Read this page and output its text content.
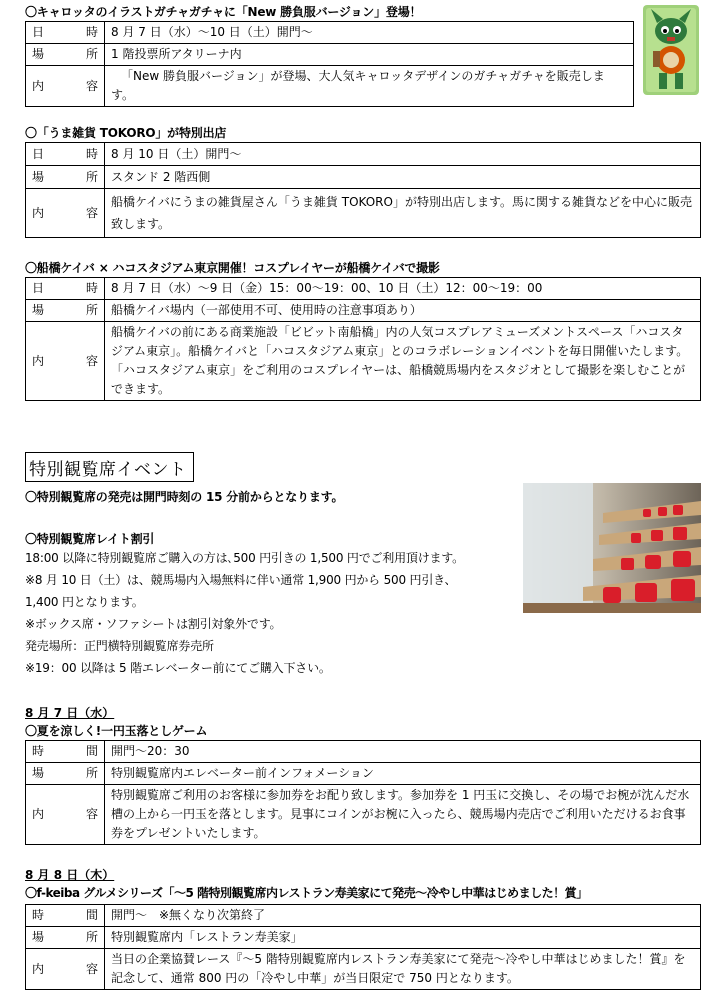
〇キャロッタのイラストガチャガチャに「New 勝負服バージョン」登場！
日 時	8 月 7 日（水）〜10 日（土）開門〜

場 所	1 階投票所アタリーナ内

内 容	「New 勝負服バージョン」が登場、大人気キャロッタデザインのガチャガチャを販売します。
〇「うま雑貨 TOKORO」が特別出店
日 時	8 月 10 日（土）開門〜

場 所	スタンド 2 階西側

内 容	船橋ケイバにうまの雑貨屋さん「うま雑貨 TOKORO」が特別出店します。馬に関する雑貨などを中心に販売致します。
〇船橋ケイバ × ハコスタジアム東京開催！コスプレイヤーが船橋ケイバで撮影
日 時	8 月 7 日（水）〜9 日（金）15：00〜19：00、10 日（土）12：00〜19：00

場 所	船橋ケイバ場内（一部使用不可、使用時の注意事項あり）

内 容	船橋ケイバの前にある商業施設「ビビット南船橋」内の人気コスプレアミューズメントスペース「ハコスタジアム東京」。船橋ケイバと「ハコスタジアム東京」とのコラボレーションイベントを毎日開催いたします。「ハコスタジアム東京」をご利用のコスプレイヤーは、船橋競馬場内をスタジオとして撮影を楽しむことができます。
特別観覧席イベント
〇特別観覧席の発売は開門時刻の 15 分前からとなります。
〇特別観覧席レイト割引
18:00 以降に特別観覧席ご購入の方は､500 円引きの 1,500 円でご利用頂けます。
※8 月 10 日（土）は、競馬場内入場無料に伴い通常 1,900 円から 500 円引き、
1,400 円となります。
※ボックス席・ソファシートは割引対象外です。
発売場所：正門横特別観覧席券売所
※19：00 以降は 5 階エレベーター前にてご購入下さい。
8 月 7 日（水）
〇夏を涼しく!一円玉落としゲーム
時 間	開門〜20：30

場 所	特別観覧席内エレベーター前インフォメーション

内 容	特別観覧席ご利用のお客様に参加券をお配り致します。参加券を 1 円玉に交換し、その場でお椀が沈んだ水槽の上から一円玉を落とします。見事にコインがお椀に入ったら、競馬場内売店でご利用いただけるお食事券をプレゼントいたします。
8 月 8 日（木）
〇f-keiba グルメシリーズ「〜5 階特別観覧席内レストラン寿美家にて発売〜冷やし中華はじめました！賞」
時 間	開門〜　※無くなり次第終了

場 所	特別観覧席内「レストラン寿美家」

内 容	当日の企業協賛レース『〜5 階特別観覧席内レストラン寿美家にて発売〜冷やし中華はじめました！賞』を記念して、通常 800 円の「冷やし中華」が当日限定で 750 円となります。
